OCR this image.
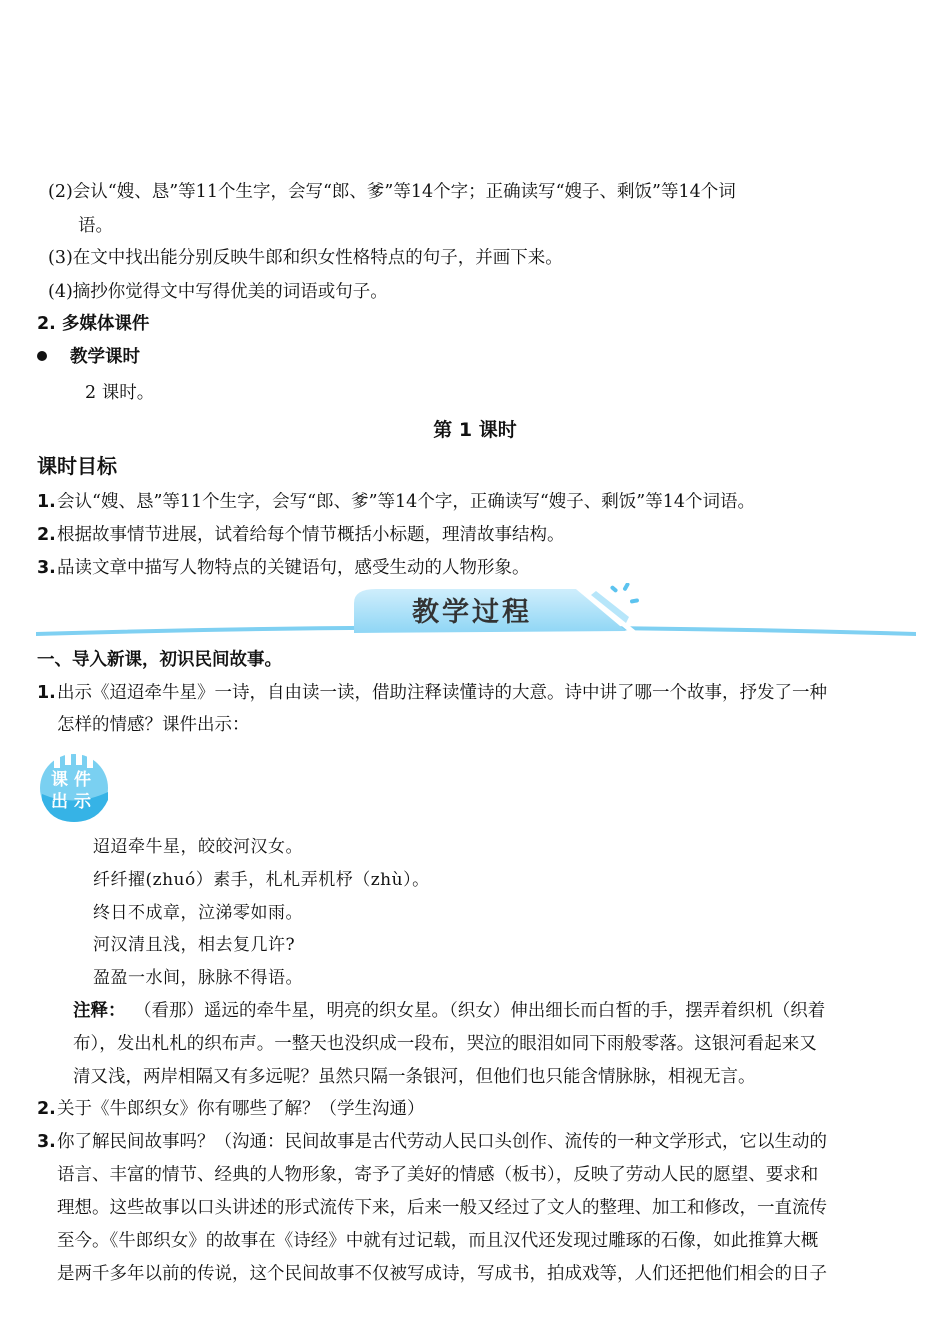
(2)会认“嫂、恳”等11个生字，会写“郎、爹”等14个字；正确读写“嫂子、剩饭”等14个词
语。
(3)在文中找出能分别反映牛郎和织女性格特点的句子，并画下来。
(4)摘抄你觉得文中写得优美的词语或句子。
2. 多媒体课件
教学课时
2 课时。
第 1 课时
课时目标
1. 会认“嫂、恳”等11个生字，会写“郎、爹”等14个字，正确读写“嫂子、剩饭”等14个词语。
2. 根据故事情节进展，试着给每个情节概括小标题，理清故事结构。
3. 品读文章中描写人物特点的关键语句，感受生动的人物形象。
教学过程
一、导入新课，初识民间故事。
1. 出示《迢迢牵牛星》一诗，自由读一读，借助注释读懂诗的大意。诗中讲了哪一个故事，抒发了一种
怎样的情感？课件出示：
课件
出示
迢迢牵牛星，皎皎河汉女。
纤纤擢(zhuó）素手，札札弄机杼（zhù）。
终日不成章，泣涕零如雨。
河汉清且浅，相去复几许?
盈盈一水间，脉脉不得语。
注释： （看那）遥远的牵牛星，明亮的织女星。（织女）伸出细长而白皙的手，摆弄着织机（织着
布），发出札札的织布声。一整天也没织成一段布，哭泣的眼泪如同下雨般零落。这银河看起来又
清又浅，两岸相隔又有多远呢？虽然只隔一条银河，但他们也只能含情脉脉，相视无言。
2. 关于《牛郎织女》你有哪些了解？（学生沟通）
3. 你了解民间故事吗？（沟通：民间故事是古代劳动人民口头创作、流传的一种文学形式，它以生动的
语言、丰富的情节、经典的人物形象，寄予了美好的情感（板书），反映了劳动人民的愿望、要求和
理想。这些故事以口头讲述的形式流传下来，后来一般又经过了文人的整理、加工和修改，一直流传
至今。《牛郎织女》的故事在《诗经》中就有过记载，而且汉代还发现过雕琢的石像，如此推算大概
是两千多年以前的传说，这个民间故事不仅被写成诗，写成书，拍成戏等，人们还把他们相会的日子
